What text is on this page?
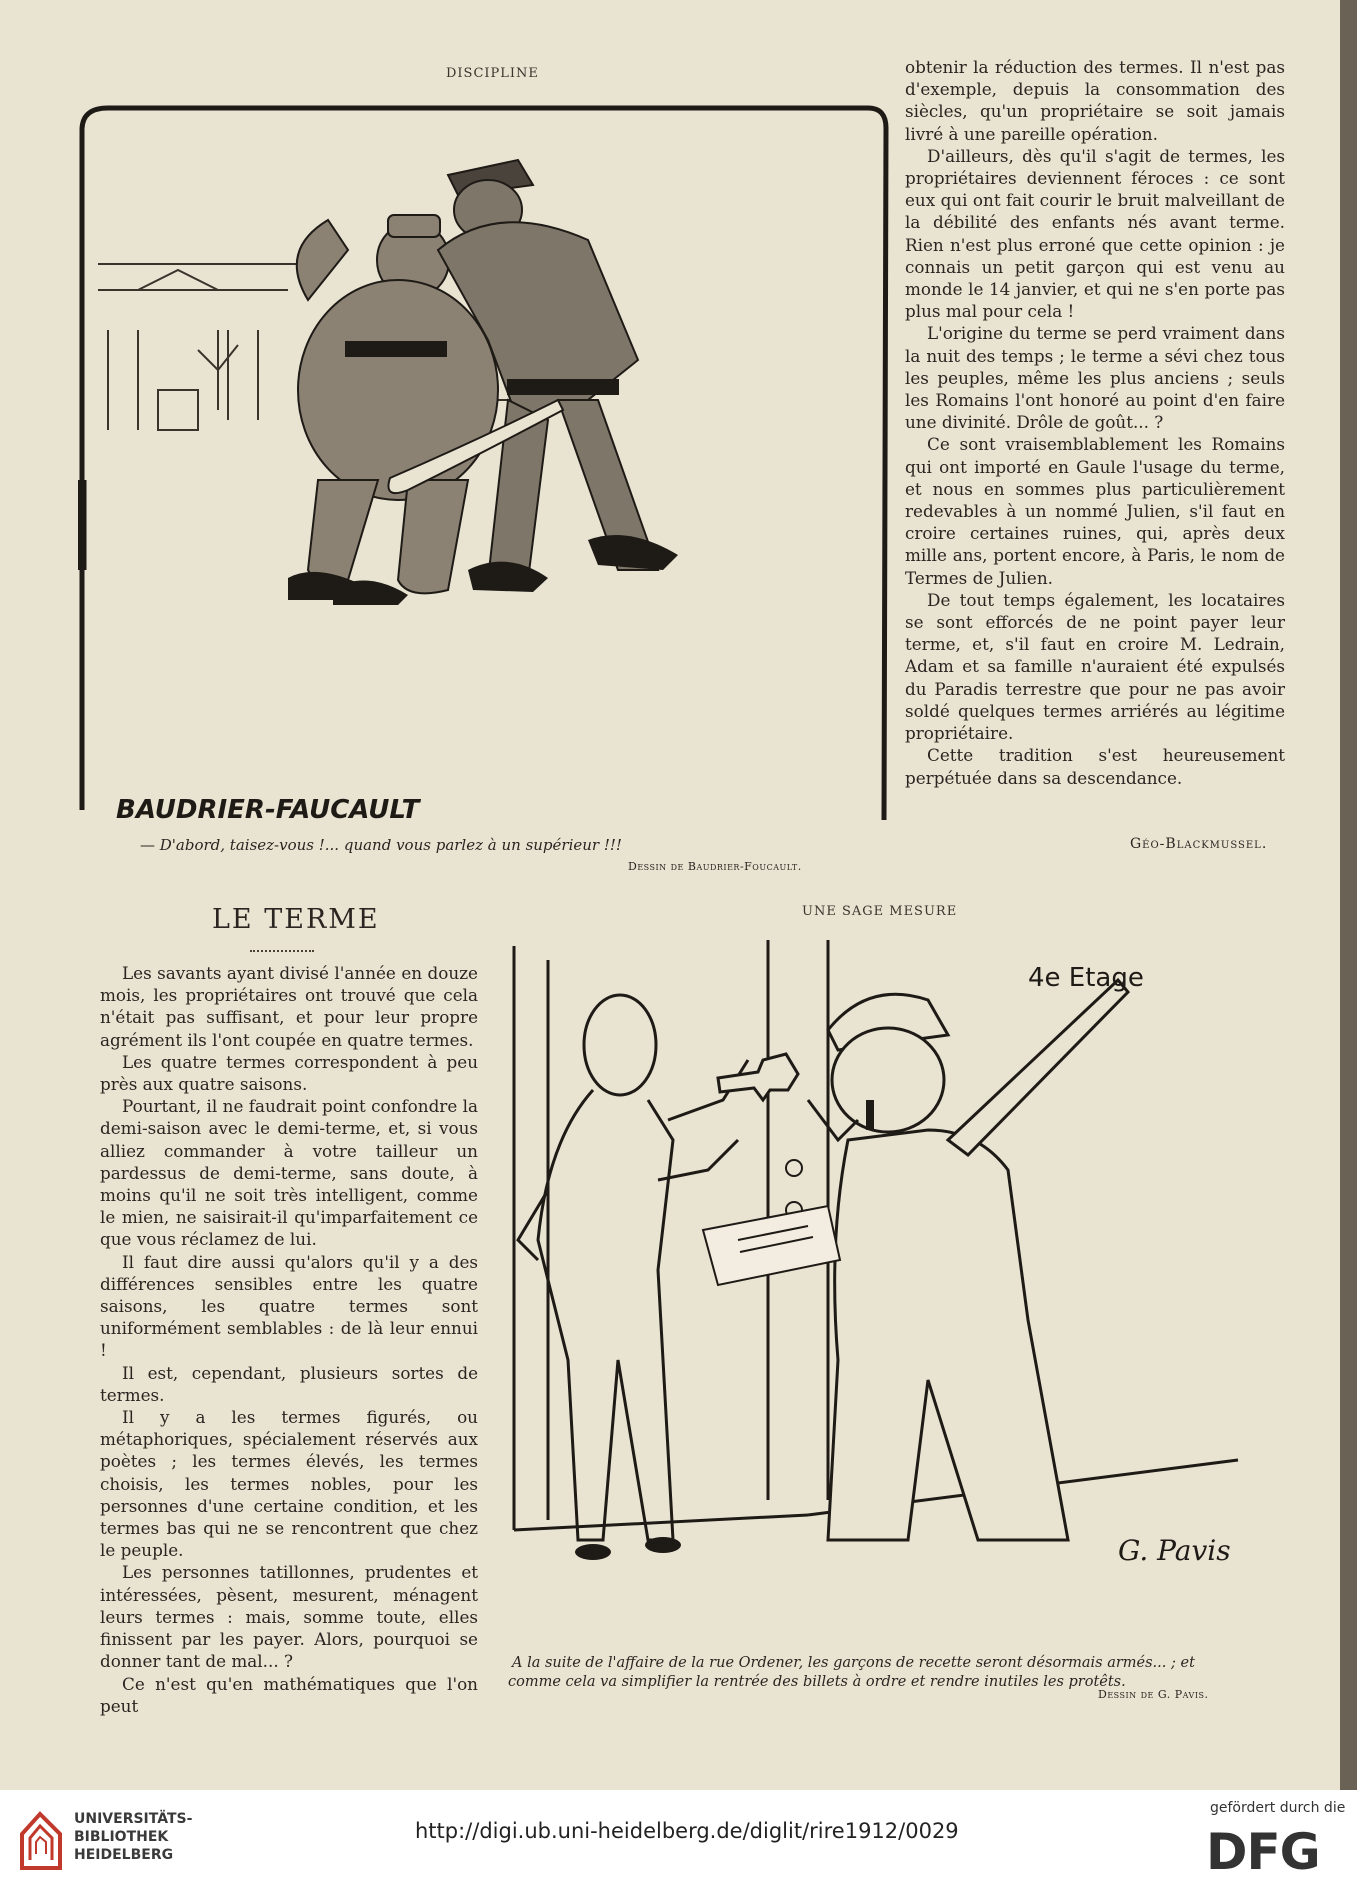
DISCIPLINE
BAUDRIER-FAUCAULT
— D'abord, taisez-vous !... quand vous parlez à un supérieur !!!
Dessin de Baudrier-Foucault.

obtenir la réduction des termes. Il n'est pas d'exemple, depuis la consommation des siècles, qu'un propriétaire se soit jamais livré à une pareille opération.

D'ailleurs, dès qu'il s'agit de termes, les propriétaires deviennent féroces : ce sont eux qui ont fait courir le bruit malveillant de la débilité des enfants nés avant terme. Rien n'est plus erroné que cette opinion : je connais un petit garçon qui est venu au monde le 14 janvier, et qui ne s'en porte pas plus mal pour cela !

L'origine du terme se perd vraiment dans la nuit des temps ; le terme a sévi chez tous les peuples, même les plus anciens ; seuls les Romains l'ont honoré au point d'en faire une divinité. Drôle de goût... ?

Ce sont vraisemblablement les Romains qui ont importé en Gaule l'usage du terme, et nous en sommes plus particulièrement redevables à un nommé Julien, s'il faut en croire certaines ruines, qui, après deux mille ans, portent encore, à Paris, le nom de Termes de Julien.

De tout temps également, les locataires se sont efforcés de ne point payer leur terme, et, s'il faut en croire M. Ledrain, Adam et sa famille n'auraient été expulsés du Paradis terrestre que pour ne pas avoir soldé quelques termes arriérés au légitime propriétaire.

Cette tradition s'est heureusement perpétuée dans sa descendance.

Géo-Blackmussel.
LE TERME

Les savants ayant divisé l'année en douze mois, les propriétaires ont trouvé que cela n'était pas suffisant, et pour leur propre agrément ils l'ont coupée en quatre termes.

Les quatre termes correspondent à peu près aux quatre saisons.

Pourtant, il ne faudrait point confondre la demi-saison avec le demi-terme, et, si vous alliez commander à votre tailleur un pardessus de demi-terme, sans doute, à moins qu'il ne soit très intelligent, comme le mien, ne saisirait-il qu'imparfaitement ce que vous réclamez de lui.

Il faut dire aussi qu'alors qu'il y a des différences sensibles entre les quatre saisons, les quatre termes sont uniformément semblables : de là leur ennui !

Il est, cependant, plusieurs sortes de termes.

Il y a les termes figurés, ou métaphoriques, spécialement réservés aux poètes ; les termes élevés, les termes choisis, les termes nobles, pour les personnes d'une certaine condition, et les termes bas qui ne se rencontrent que chez le peuple.

Les personnes tatillonnes, prudentes et intéressées, pèsent, mesurent, ménagent leurs termes : mais, somme toute, elles finissent par les payer. Alors, pourquoi se donner tant de mal... ?

Ce n'est qu'en mathématiques que l'on peut

UNE SAGE MESURE
4e Etage
G. Pavis
A la suite de l'affaire de la rue Ordener, les garçons de recette seront désormais armés... ; et
comme cela va simplifier la rentrée des billets à ordre et rendre inutiles les protêts.
Dessin de G. Pavis.
UNIVERSITÄTS-
BIBLIOTHEK
HEIDELBERG
http://digi.ub.uni-heidelberg.de/diglit/rire1912/0029
gefördert durch die
DFG
